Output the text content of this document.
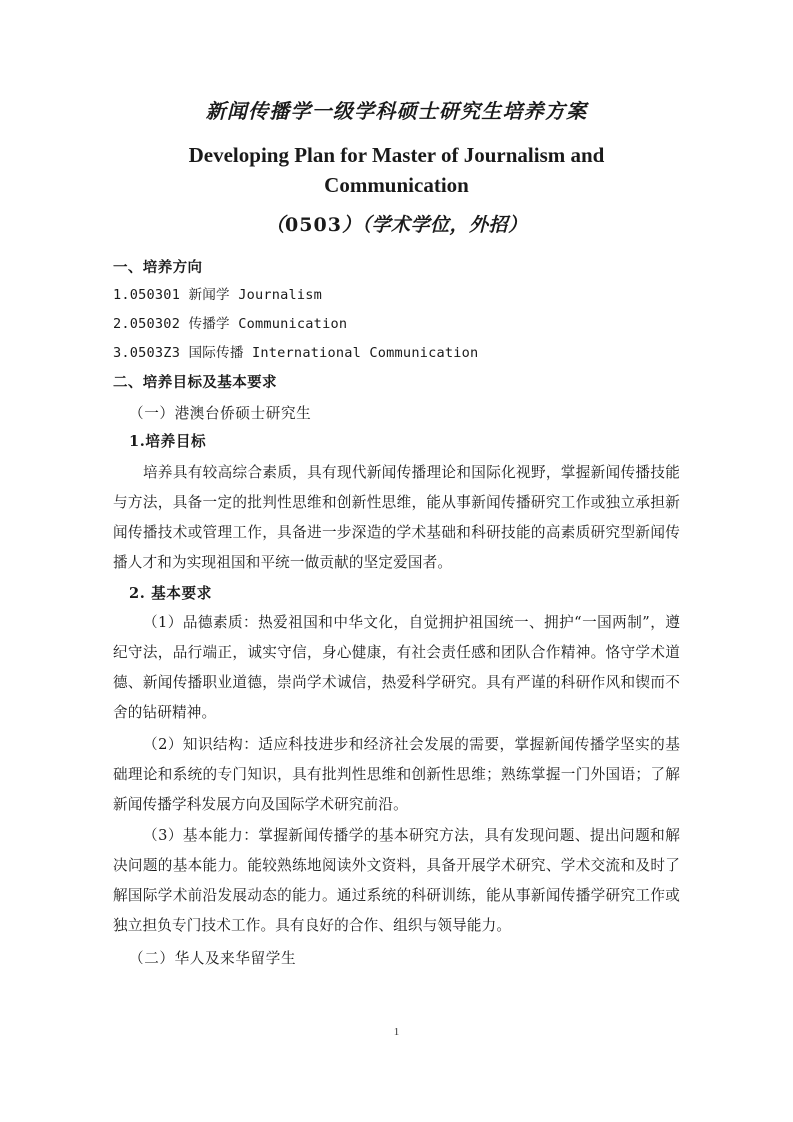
新闻传播学一级学科硕士研究生培养方案
Developing Plan for Master of Journalism and
Communication
（0503）（学术学位，外招）
一、培养方向
1.050301 新闻学 Journalism
2.050302 传播学 Communication
3.0503Z3 国际传播 International Communication
二、培养目标及基本要求
（一）港澳台侨硕士研究生
1.培养目标
培养具有较高综合素质，具有现代新闻传播理论和国际化视野，掌握新闻传播技能与方法，具备一定的批判性思维和创新性思维，能从事新闻传播研究工作或独立承担新闻传播技术或管理工作，具备进一步深造的学术基础和科研技能的高素质研究型新闻传播人才和为实现祖国和平统一做贡献的坚定爱国者。
2. 基本要求
（1）品德素质：热爱祖国和中华文化，自觉拥护祖国统一、拥护“一国两制”，遵纪守法，品行端正，诚实守信，身心健康，有社会责任感和团队合作精神。恪守学术道德、新闻传播职业道德，崇尚学术诚信，热爱科学研究。具有严谨的科研作风和锲而不舍的钻研精神。
（2）知识结构：适应科技进步和经济社会发展的需要，掌握新闻传播学坚实的基础理论和系统的专门知识，具有批判性思维和创新性思维；熟练掌握一门外国语；了解新闻传播学科发展方向及国际学术研究前沿。
（3）基本能力：掌握新闻传播学的基本研究方法，具有发现问题、提出问题和解决问题的基本能力。能较熟练地阅读外文资料，具备开展学术研究、学术交流和及时了解国际学术前沿发展动态的能力。通过系统的科研训练，能从事新闻传播学研究工作或独立担负专门技术工作。具有良好的合作、组织与领导能力。
（二）华人及来华留学生
1
